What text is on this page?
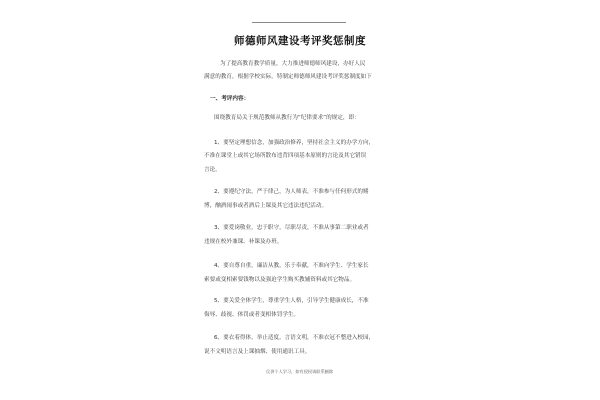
师德师风建设考评奖惩制度
为了提高教育教学质量，大力推进师德师风建设，办好人民
满意的教育，根据学校实际，特制定师德师风建设考评奖惩制度如下
一、考评内容：
围绕教育局关于规范教师从教行为“纪律要求”的规定，即：
1、要坚定理想信念，加强政治修养，坚持社会主义的办学方向，
不准在课堂上或其它场所散布违背四项基本原则的言论及其它错误
言论。
2、要遵纪守法，严于律己，为人师表，不准参与任何形式的赌
博，酗酒闹事或者酒后上课及其它违法违纪活动。
3、要爱岗敬业，忠于职守，尽职尽责，不准从事第二职业或者
违规在校外兼课、补课及办班。
4、要自尊自重，廉洁从教，乐于奉献，不准向学生、学生家长
索要或变相索要钱物以及强迫学生购买教辅资料或其它物品。
5、要关爱全体学生，尊重学生人格，引导学生健康成长，不准
侮辱、歧视、体罚或者变相体罚学生。
6、要衣着得体，举止适度，言语文明，不准衣冠不整进入校园，
说不文明语言及上课抽烟、使用通讯工具。
仅供个人学习，如有侵权请联系删除
